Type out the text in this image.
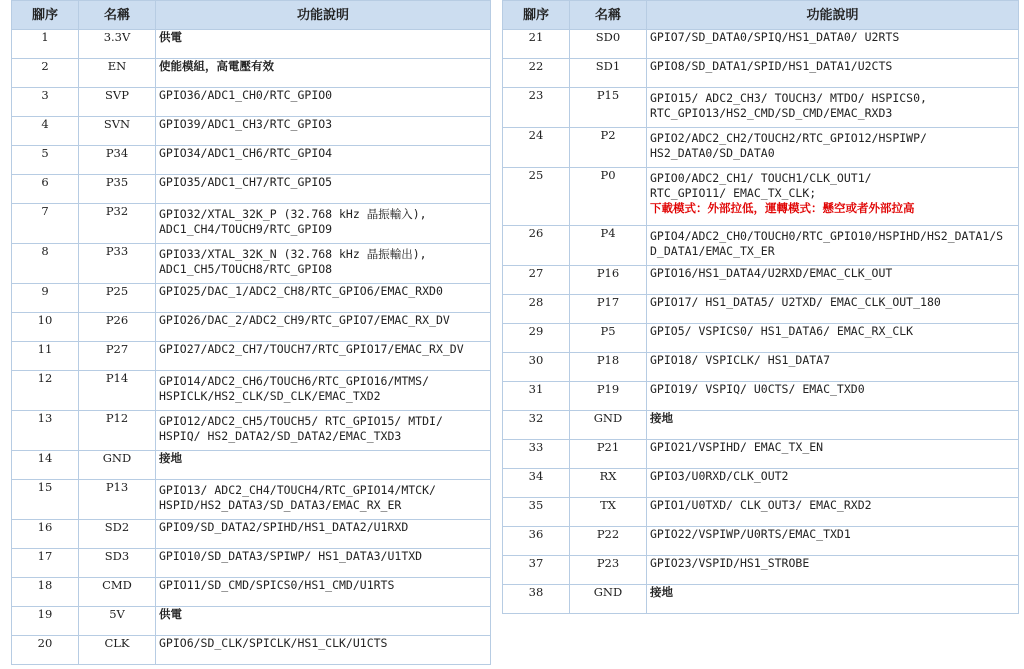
腳序	名稱	功能說明
1	3.3V	供電

2	EN	使能模組，高電壓有效

3	SVP	GPIO36/ADC1_CH0/RTC_GPIO0

4	SVN	GPIO39/ADC1_CH3/RTC_GPIO3

5	P34	GPIO34/ADC1_CH6/RTC_GPIO4

6	P35	GPIO35/ADC1_CH7/RTC_GPIO5

7	P32	GPIO32/XTAL_32K_P (32.768 kHz 晶振輸入),
ADC1_CH4/TOUCH9/RTC_GPIO9

8	P33	GPIO33/XTAL_32K_N (32.768 kHz 晶振輸出),
ADC1_CH5/TOUCH8/RTC_GPIO8

9	P25	GPIO25/DAC_1/ADC2_CH8/RTC_GPIO6/EMAC_RXD0

10	P26	GPIO26/DAC_2/ADC2_CH9/RTC_GPIO7/EMAC_RX_DV

11	P27	GPIO27/ADC2_CH7/TOUCH7/RTC_GPIO17/EMAC_RX_DV

12	P14	GPIO14/ADC2_CH6/TOUCH6/RTC_GPIO16/MTMS/
HSPICLK/HS2_CLK/SD_CLK/EMAC_TXD2

13	P12	GPIO12/ADC2_CH5/TOUCH5/ RTC_GPIO15/ MTDI/
HSPIQ/ HS2_DATA2/SD_DATA2/EMAC_TXD3

14	GND	接地

15	P13	GPIO13/ ADC2_CH4/TOUCH4/RTC_GPIO14/MTCK/
HSPID/HS2_DATA3/SD_DATA3/EMAC_RX_ER

16	SD2	GPIO9/SD_DATA2/SPIHD/HS1_DATA2/U1RXD

17	SD3	GPIO10/SD_DATA3/SPIWP/ HS1_DATA3/U1TXD

18	CMD	GPIO11/SD_CMD/SPICS0/HS1_CMD/U1RTS

19	5V	供電

20	CLK	GPIO6/SD_CLK/SPICLK/HS1_CLK/U1CTS
腳序	名稱	功能說明
21	SD0	GPIO7/SD_DATA0/SPIQ/HS1_DATA0/ U2RTS

22	SD1	GPIO8/SD_DATA1/SPID/HS1_DATA1/U2CTS

23	P15	GPIO15/ ADC2_CH3/ TOUCH3/ MTDO/ HSPICS0,
RTC_GPIO13/HS2_CMD/SD_CMD/EMAC_RXD3

24	P2	GPIO2/ADC2_CH2/TOUCH2/RTC_GPIO12/HSPIWP/
HS2_DATA0/SD_DATA0

25	P0	GPIO0/ADC2_CH1/ TOUCH1/CLK_OUT1/
RTC_GPIO11/ EMAC_TX_CLK;
下載模式：外部拉低，運轉模式：懸空或者外部拉高

26	P4	GPIO4/ADC2_CH0/TOUCH0/RTC_GPIO10/HSPIHD/HS2_DATA1/S
D_DATA1/EMAC_TX_ER

27	P16	GPIO16/HS1_DATA4/U2RXD/EMAC_CLK_OUT

28	P17	GPIO17/ HS1_DATA5/ U2TXD/ EMAC_CLK_OUT_180

29	P5	GPIO5/ VSPICS0/ HS1_DATA6/ EMAC_RX_CLK

30	P18	GPIO18/ VSPICLK/ HS1_DATA7

31	P19	GPIO19/ VSPIQ/ U0CTS/ EMAC_TXD0

32	GND	接地

33	P21	GPIO21/VSPIHD/ EMAC_TX_EN

34	RX	GPIO3/U0RXD/CLK_OUT2

35	TX	GPIO1/U0TXD/ CLK_OUT3/ EMAC_RXD2

36	P22	GPIO22/VSPIWP/U0RTS/EMAC_TXD1

37	P23	GPIO23/VSPID/HS1_STROBE

38	GND	接地
